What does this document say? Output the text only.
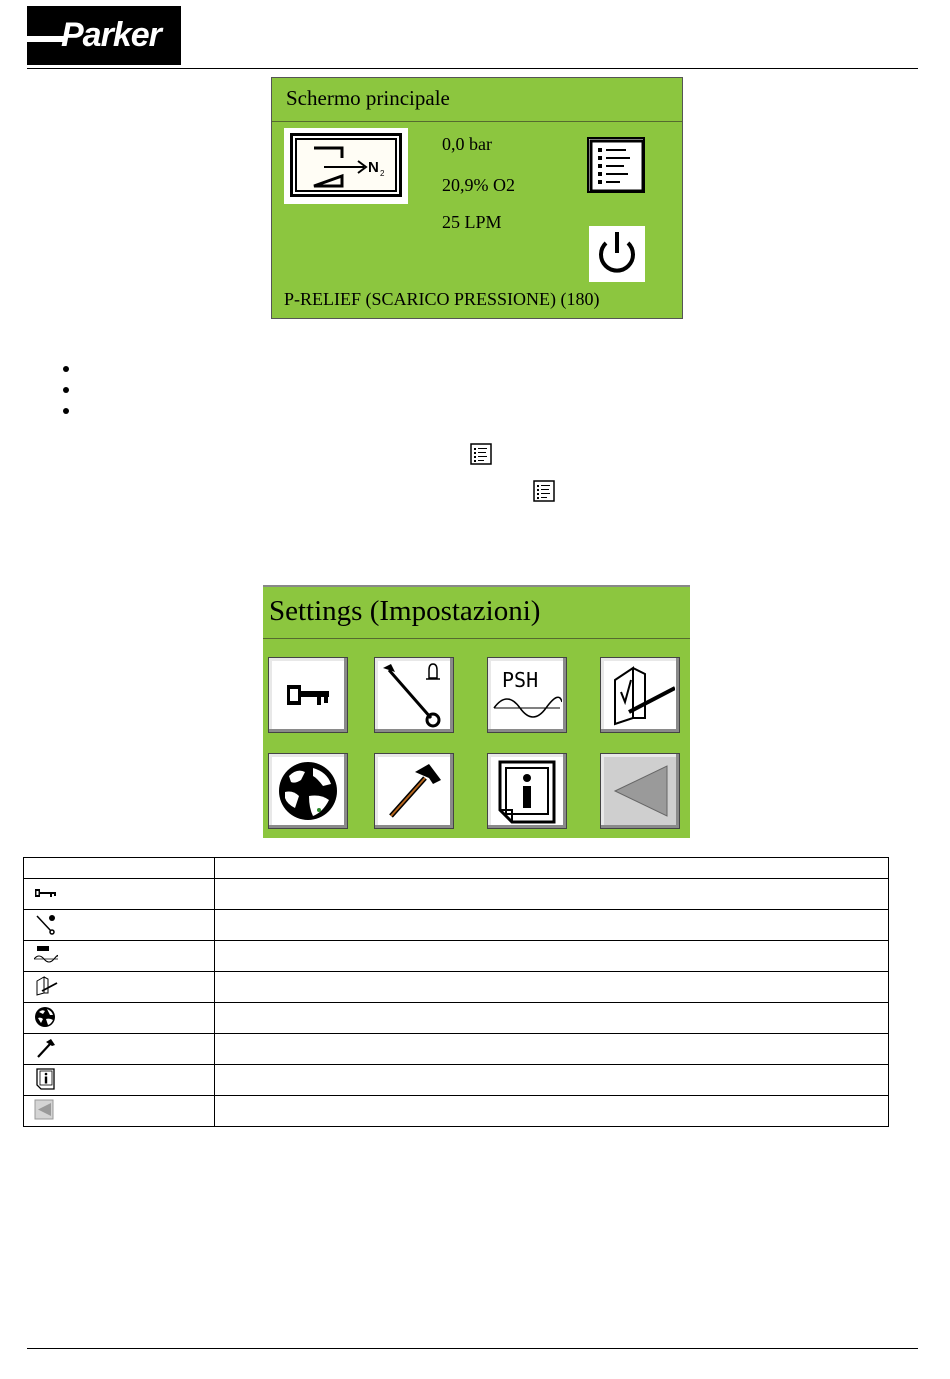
Parker
Schermo principale
N 2
0,0 bar
20,9% O2
25 LPM
P-RELIEF (SCARICO PRESSIONE) (180)
Settings (Impostazioni)
PSH
